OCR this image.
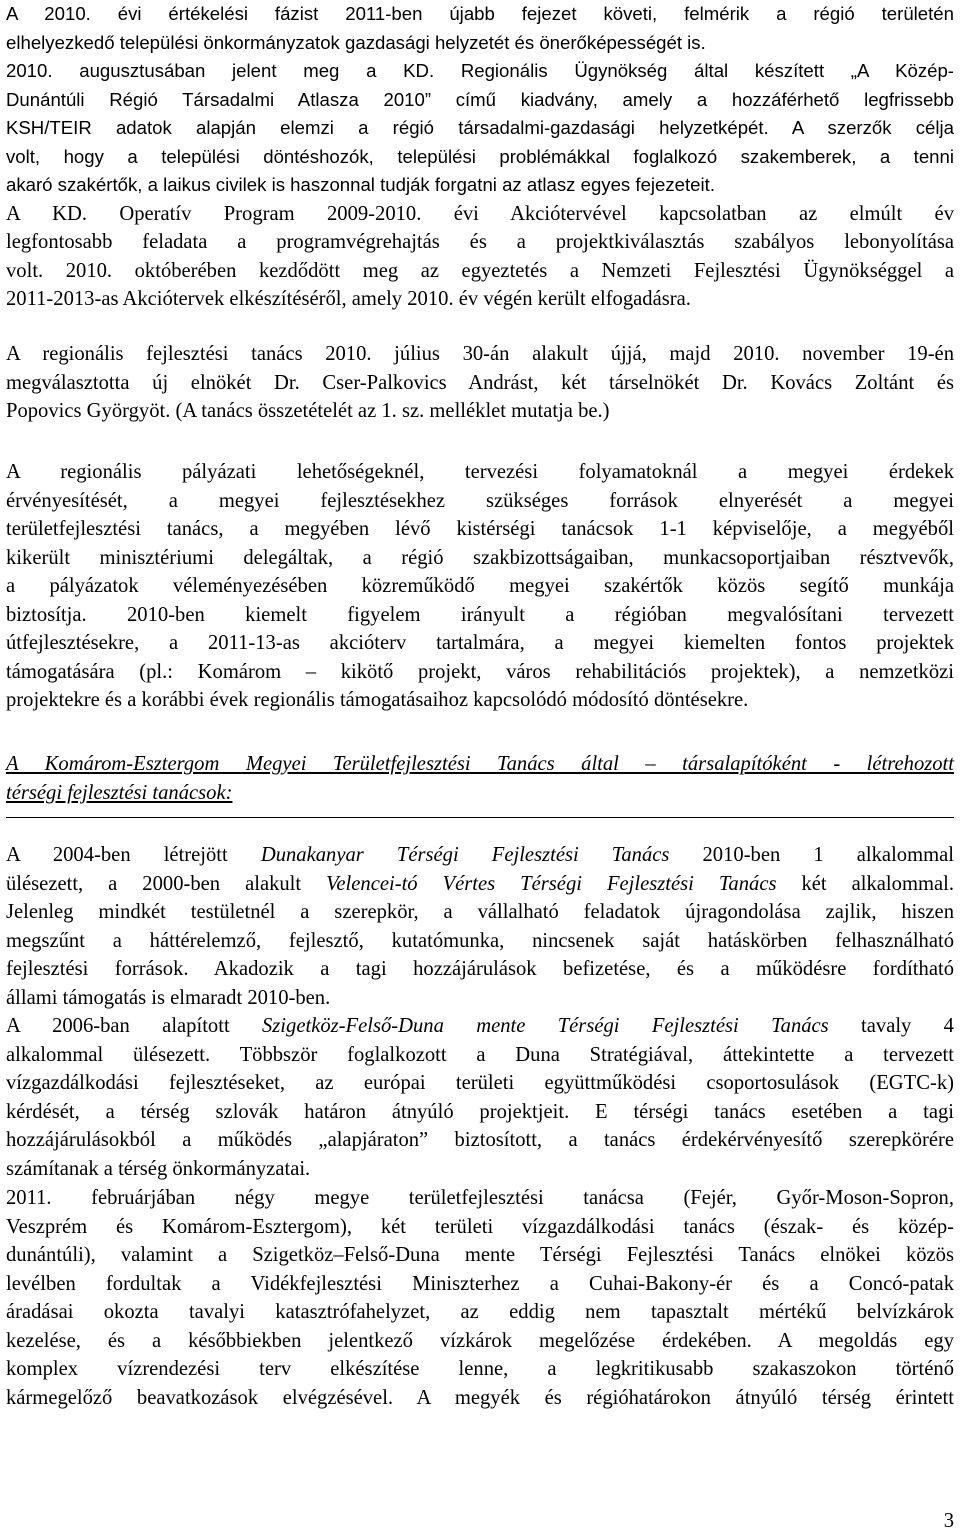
A 2010. évi értékelési fázist 2011-ben újabb fejezet követi, felmérik a régió területén
elhelyezkedő települési önkormányzatok gazdasági helyzetét és önerőképességét is.
2010. augusztusában jelent meg a KD. Regionális Ügynökség által készített „A Közép-
Dunántúli Régió Társadalmi Atlasza 2010” című kiadvány, amely a hozzáférhető legfrissebb
KSH/TEIR adatok alapján elemzi a régió társadalmi-gazdasági helyzetképét. A szerzők célja
volt, hogy a települési döntéshozók, települési problémákkal foglalkozó szakemberek, a tenni
akaró szakértők, a laikus civilek is haszonnal tudják forgatni az atlasz egyes fejezeteit.
A KD. Operatív Program 2009-2010. évi Akciótervével kapcsolatban az elmúlt év
legfontosabb feladata a programvégrehajtás és a projektkiválasztás szabályos lebonyolítása
volt. 2010. októberében kezdődött meg az egyeztetés a Nemzeti Fejlesztési Ügynökséggel a
2011-2013-as Akciótervek elkészítéséről, amely 2010. év végén került elfogadásra.
A regionális fejlesztési tanács 2010. július 30-án alakult újjá, majd 2010. november 19-én
megválasztotta új elnökét Dr. Cser-Palkovics Andrást, két társelnökét Dr. Kovács Zoltánt és
Popovics Györgyöt. (A tanács összetételét az 1. sz. melléklet mutatja be.)
A regionális pályázati lehetőségeknél, tervezési folyamatoknál a megyei érdekek
érvényesítését, a megyei fejlesztésekhez szükséges források elnyerését a megyei
területfejlesztési tanács, a megyében lévő kistérségi tanácsok 1-1 képviselője, a megyéből
kikerült minisztériumi delegáltak, a régió szakbizottságaiban, munkacsoportjaiban résztvevők,
a pályázatok véleményezésében közreműködő megyei szakértők közös segítő munkája
biztosítja. 2010-ben kiemelt figyelem irányult a régióban megvalósítani tervezett
útfejlesztésekre, a 2011-13-as akcióterv tartalmára, a megyei kiemelten fontos projektek
támogatására (pl.: Komárom – kikötő projekt, város rehabilitációs projektek), a nemzetközi
projektekre és a korábbi évek regionális támogatásaihoz kapcsolódó módosító döntésekre.
A Komárom-Esztergom Megyei Területfejlesztési Tanács által – társalapítóként - létrehozott
térségi fejlesztési tanácsok:
A 2004-ben létrejött Dunakanyar Térségi Fejlesztési Tanács 2010-ben 1 alkalommal
ülésezett, a 2000-ben alakult Velencei-tó Vértes Térségi Fejlesztési Tanács két alkalommal.
Jelenleg mindkét testületnél a szerepkör, a vállalható feladatok újragondolása zajlik, hiszen
megszűnt a háttérelemző, fejlesztő, kutatómunka, nincsenek saját hatáskörben felhasználható
fejlesztési források. Akadozik a tagi hozzájárulások befizetése, és a működésre fordítható
állami támogatás is elmaradt 2010-ben.
A 2006-ban alapított Szigetköz-Felső-Duna mente Térségi Fejlesztési Tanács tavaly 4
alkalommal ülésezett. Többször foglalkozott a Duna Stratégiával, áttekintette a tervezett
vízgazdálkodási fejlesztéseket, az európai területi együttműködési csoportosulások (EGTC-k)
kérdését, a térség szlovák határon átnyúló projektjeit. E térségi tanács esetében a tagi
hozzájárulásokból a működés „alapjáraton” biztosított, a tanács érdekérvényesítő szerepkörére
számítanak a térség önkormányzatai.
2011. februárjában négy megye területfejlesztési tanácsa (Fejér, Győr-Moson-Sopron,
Veszprém és Komárom-Esztergom), két területi vízgazdálkodási tanács (észak- és közép-
dunántúli), valamint a Szigetköz–Felső-Duna mente Térségi Fejlesztési Tanács elnökei közös
levélben fordultak a Vidékfejlesztési Miniszterhez a Cuhai-Bakony-ér és a Concó-patak
áradásai okozta tavalyi katasztrófahelyzet, az eddig nem tapasztalt mértékű belvízkárok
kezelése, és a későbbiekben jelentkező vízkárok megelőzése érdekében. A megoldás egy
komplex vízrendezési terv elkészítése lenne, a legkritikusabb szakaszokon történő
kármegelőző beavatkozások elvégzésével. A megyék és régióhatárokon átnyúló térség érintett
3
